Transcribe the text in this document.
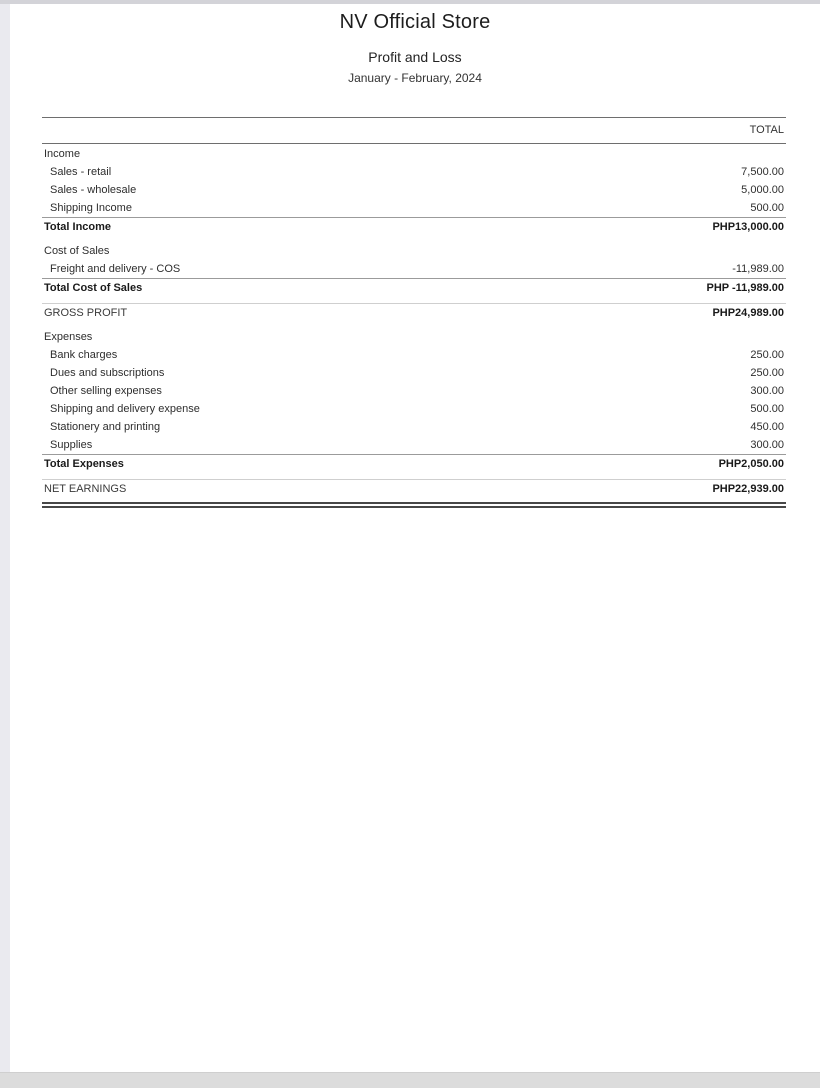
NV Official Store
Profit and Loss
January - February, 2024
TOTAL
Income
Sales - retail	7,500.00
Sales - wholesale	5,000.00
Shipping Income	500.00
Total Income	PHP13,000.00
Cost of Sales
Freight and delivery - COS	-11,989.00
Total Cost of Sales	PHP -11,989.00
GROSS PROFIT	PHP24,989.00
Expenses
Bank charges	250.00
Dues and subscriptions	250.00
Other selling expenses	300.00
Shipping and delivery expense	500.00
Stationery and printing	450.00
Supplies	300.00
Total Expenses	PHP2,050.00
NET EARNINGS	PHP22,939.00
